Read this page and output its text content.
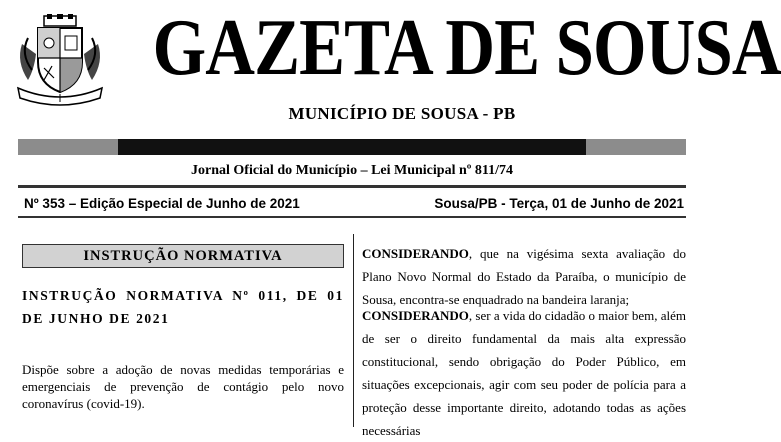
GAZETA DE SOUSA
MUNICÍPIO DE SOUSA - PB
Jornal Oficial do Município – Lei Municipal nº 811/74
Nº 353 – Edição Especial de Junho de 2021	Sousa/PB - Terça, 01 de Junho de 2021
INSTRUÇÃO NORMATIVA
INSTRUÇÃO NORMATIVA Nº 011, DE 01 DE JUNHO DE 2021
Dispõe sobre a adoção de novas medidas temporárias e emergenciais de prevenção de contágio pelo novo coronavírus (covid-19).
CONSIDERANDO, que na vigésima sexta avaliação do Plano Novo Normal do Estado da Paraíba, o município de Sousa, encontra-se enquadrado na bandeira laranja;
CONSIDERANDO, ser a vida do cidadão o maior bem, além de ser o direito fundamental da mais alta expressão constitucional, sendo obrigação do Poder Público, em situações excepcionais, agir com seu poder de polícia para a proteção desse importante direito, adotando todas as ações necessárias
